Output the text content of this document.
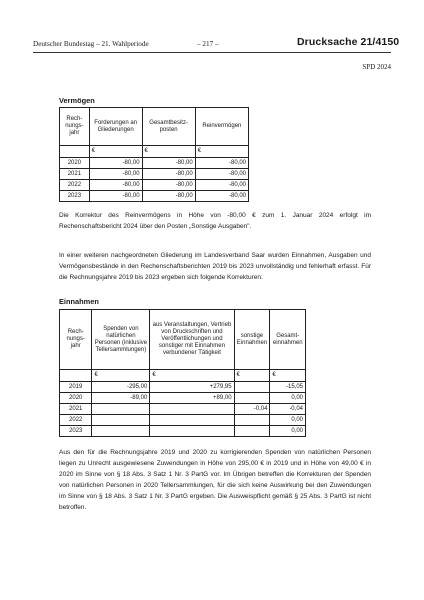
Deutscher Bundestag – 21. Wahlperiode	– 217 –	Drucksache 21/4150
SPD 2024
Vermögen
Rech-nungs-jahr	Forderungen an Gliederungen	Gesamtbesitz-posten	Reinvermögen
	€	€	€
2020	-80,00	-80,00	-80,00
2021	-80,00	-80,00	-80,00
2022	-80,00	-80,00	-80,00
2023	-80,00	-80,00	-80,00
Die Korrektur des Reinvermögens in Höhe von -80,00 € zum 1. Januar 2024 erfolgt im Rechenschaftsbericht 2024 über den Posten „Sonstige Ausgaben".
In einer weiteren nachgeordneten Gliederung im Landesverband Saar wurden Einnahmen, Ausgaben und Vermögensbestände in den Rechenschaftsberichten 2019 bis 2023 unvollständig und fehlerhaft erfasst. Für die Rechnungsjahre 2019 bis 2023 ergeben sich folgende Korrekturen:
Einnahmen
Rech-nungs-jahr	Spenden von natürlichen Personen (inklusive Tellersammlungen)	aus Veranstaltungen, Vertrieb von Druckschriften und Veröffentlichungen und sonstiger mit Einnahmen verbundener Tätigkeit	sonstige Einnahmen	Gesamt-einnahmen
	€	€	€	€
2019	-295,00	+279,95		-15,05
2020	-89,00	+89,00		0,00
2021			-0,04	-0,04
2022				0,00
2023				0,00
Aus den für die Rechnungsjahre 2019 und 2020 zu korrigierenden Spenden von natürlichen Personen liegen zu Unrecht ausgewiesene Zuwendungen in Höhe von 295,00 € in 2019 und in Höhe von 49,00 € in 2020 im Sinne von § 18 Abs. 3 Satz 1 Nr. 3 PartG vor. Im Übrigen betreffen die Korrekturen der Spenden von natürlichen Personen in 2020 Tellersammlungen, für die sich keine Auswirkung bei den Zuwendungen im Sinne von § 18 Abs. 3 Satz 1 Nr. 3 PartG ergeben. Die Ausweispflicht gemäß § 25 Abs. 3 PartG ist nicht betroffen.
